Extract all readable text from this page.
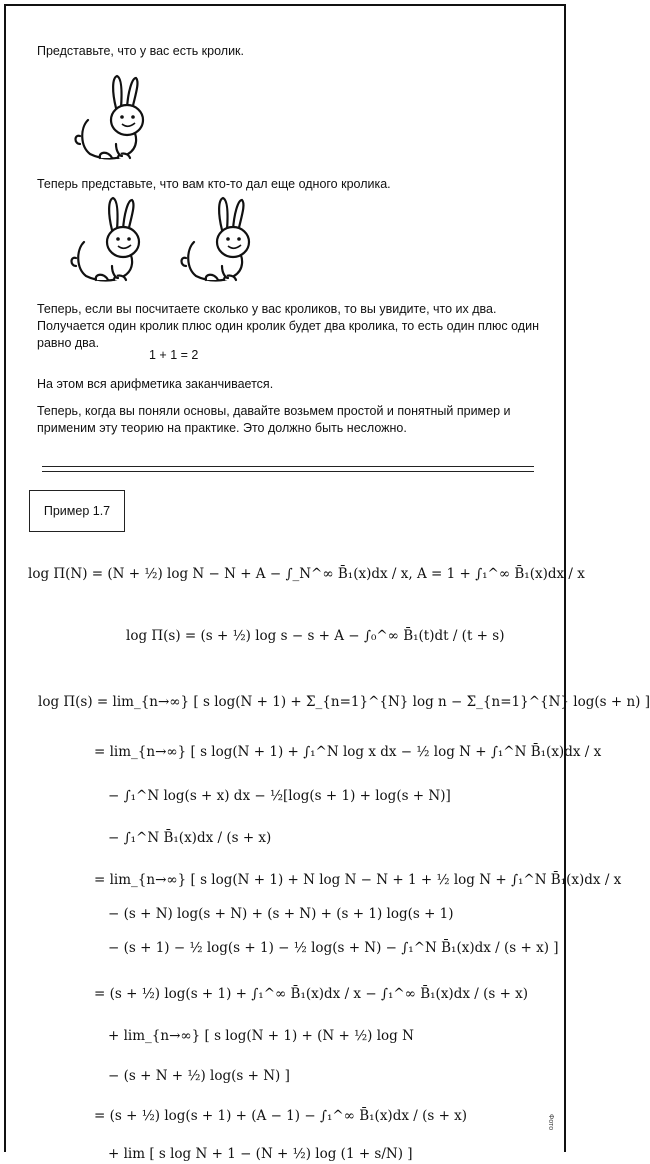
Представьте, что у вас есть кролик.
Теперь представьте, что вам кто-то дал еще одного кролика.
Теперь, если вы посчитаете сколько у вас кроликов, то вы увидите, что их два.
Получается один кролик плюс один кролик будет два кролика, то есть один плюс один
равно два.
1 + 1 = 2
На этом вся арифметика заканчивается.
Теперь, когда вы поняли основы, давайте возьмем простой и понятный пример и
применим эту теорию на практике. Это должно быть несложно.
Пример 1.7
log Π(N) = (N + ½) log N − N + A − ∫_N^∞ B̄₁(x)dx / x, A = 1 + ∫₁^∞ B̄₁(x)dx / x
log Π(s) = (s + ½) log s − s + A − ∫₀^∞ B̄₁(t)dt / (t + s)
log Π(s) = lim_{n→∞} [ s log(N + 1) + Σ_{n=1}^{N} log n − Σ_{n=1}^{N} log(s + n) ]
= lim_{n→∞} [ s log(N + 1) + ∫₁^N log x dx − ½ log N + ∫₁^N B̄₁(x)dx / x
− ∫₁^N log(s + x) dx − ½[log(s + 1) + log(s + N)]
− ∫₁^N B̄₁(x)dx / (s + x)
= lim_{n→∞} [ s log(N + 1) + N log N − N + 1 + ½ log N + ∫₁^N B̄₁(x)dx / x
− (s + N) log(s + N) + (s + N) + (s + 1) log(s + 1)
− (s + 1) − ½ log(s + 1) − ½ log(s + N) − ∫₁^N B̄₁(x)dx / (s + x) ]
= (s + ½) log(s + 1) + ∫₁^∞ B̄₁(x)dx / x − ∫₁^∞ B̄₁(x)dx / (s + x)
+ lim_{n→∞} [ s log(N + 1) + (N + ½) log N
− (s + N + ½) log(s + N) ]
= (s + ½) log(s + 1) + (A − 1) − ∫₁^∞ B̄₁(x)dx / (s + x)
+ lim [ s log N + 1 − (N + ½) log (1 + s/N) ]
Фото
